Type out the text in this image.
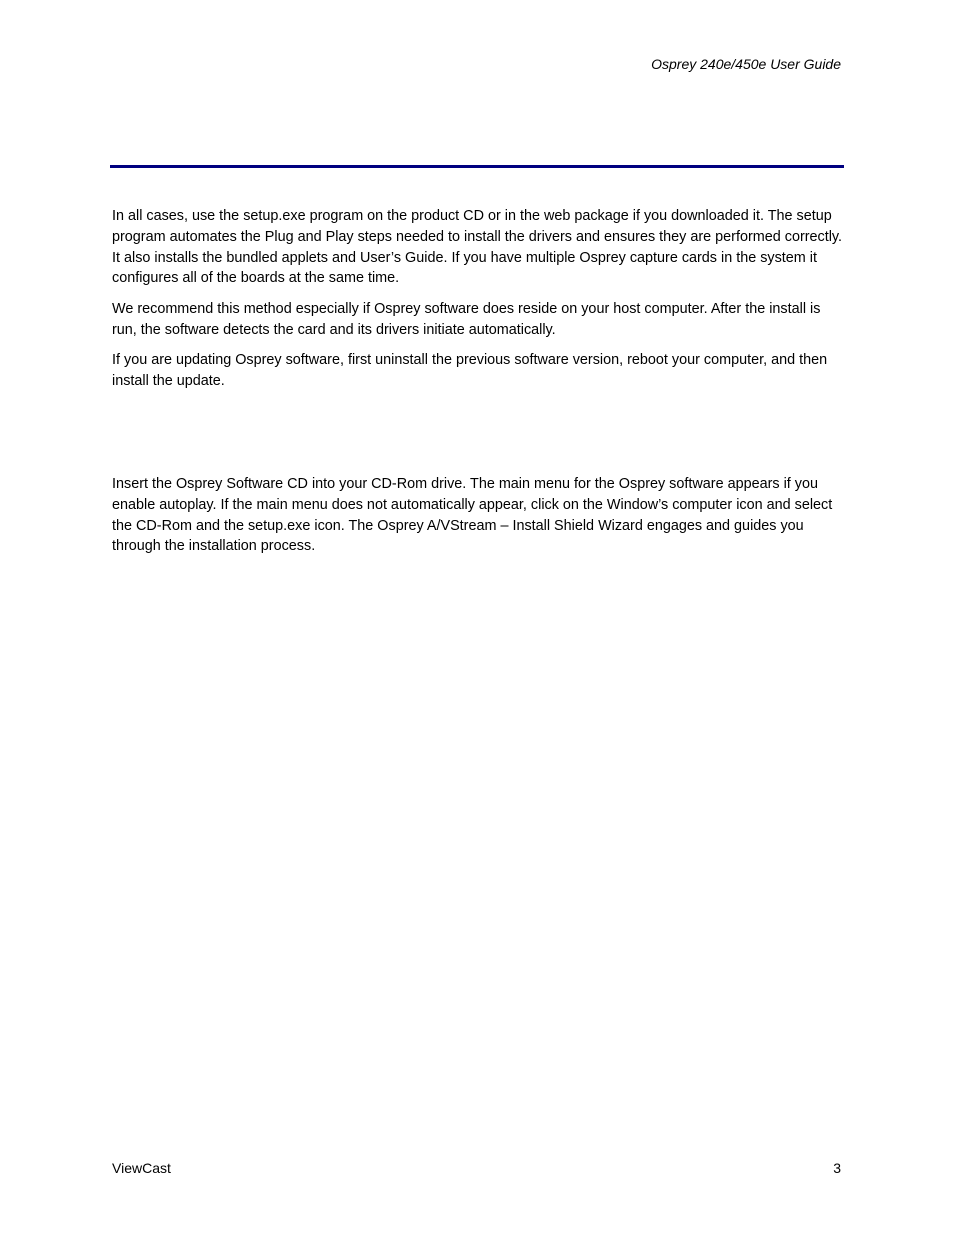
Osprey 240e/450e User Guide

In all cases, use the setup.exe program on the product CD or in the web package if you downloaded it. The setup program automates the Plug and Play steps needed to install the drivers and ensures they are performed correctly. It also installs the bundled applets and User’s Guide. If you have multiple Osprey capture cards in the system it configures all of the boards at the same time.

We recommend this method especially if Osprey software does reside on your host computer. After the install is run, the software detects the card and its drivers initiate automatically.

If you are updating Osprey software, first uninstall the previous software version, reboot your computer, and then install the update.

Insert the Osprey Software CD into your CD-Rom drive. The main menu for the Osprey software appears if you enable autoplay. If the main menu does not automatically appear, click on the Window’s computer icon and select the CD-Rom and the setup.exe icon. The Osprey A/VStream – Install Shield Wizard engages and guides you through the installation process.

ViewCast	3
